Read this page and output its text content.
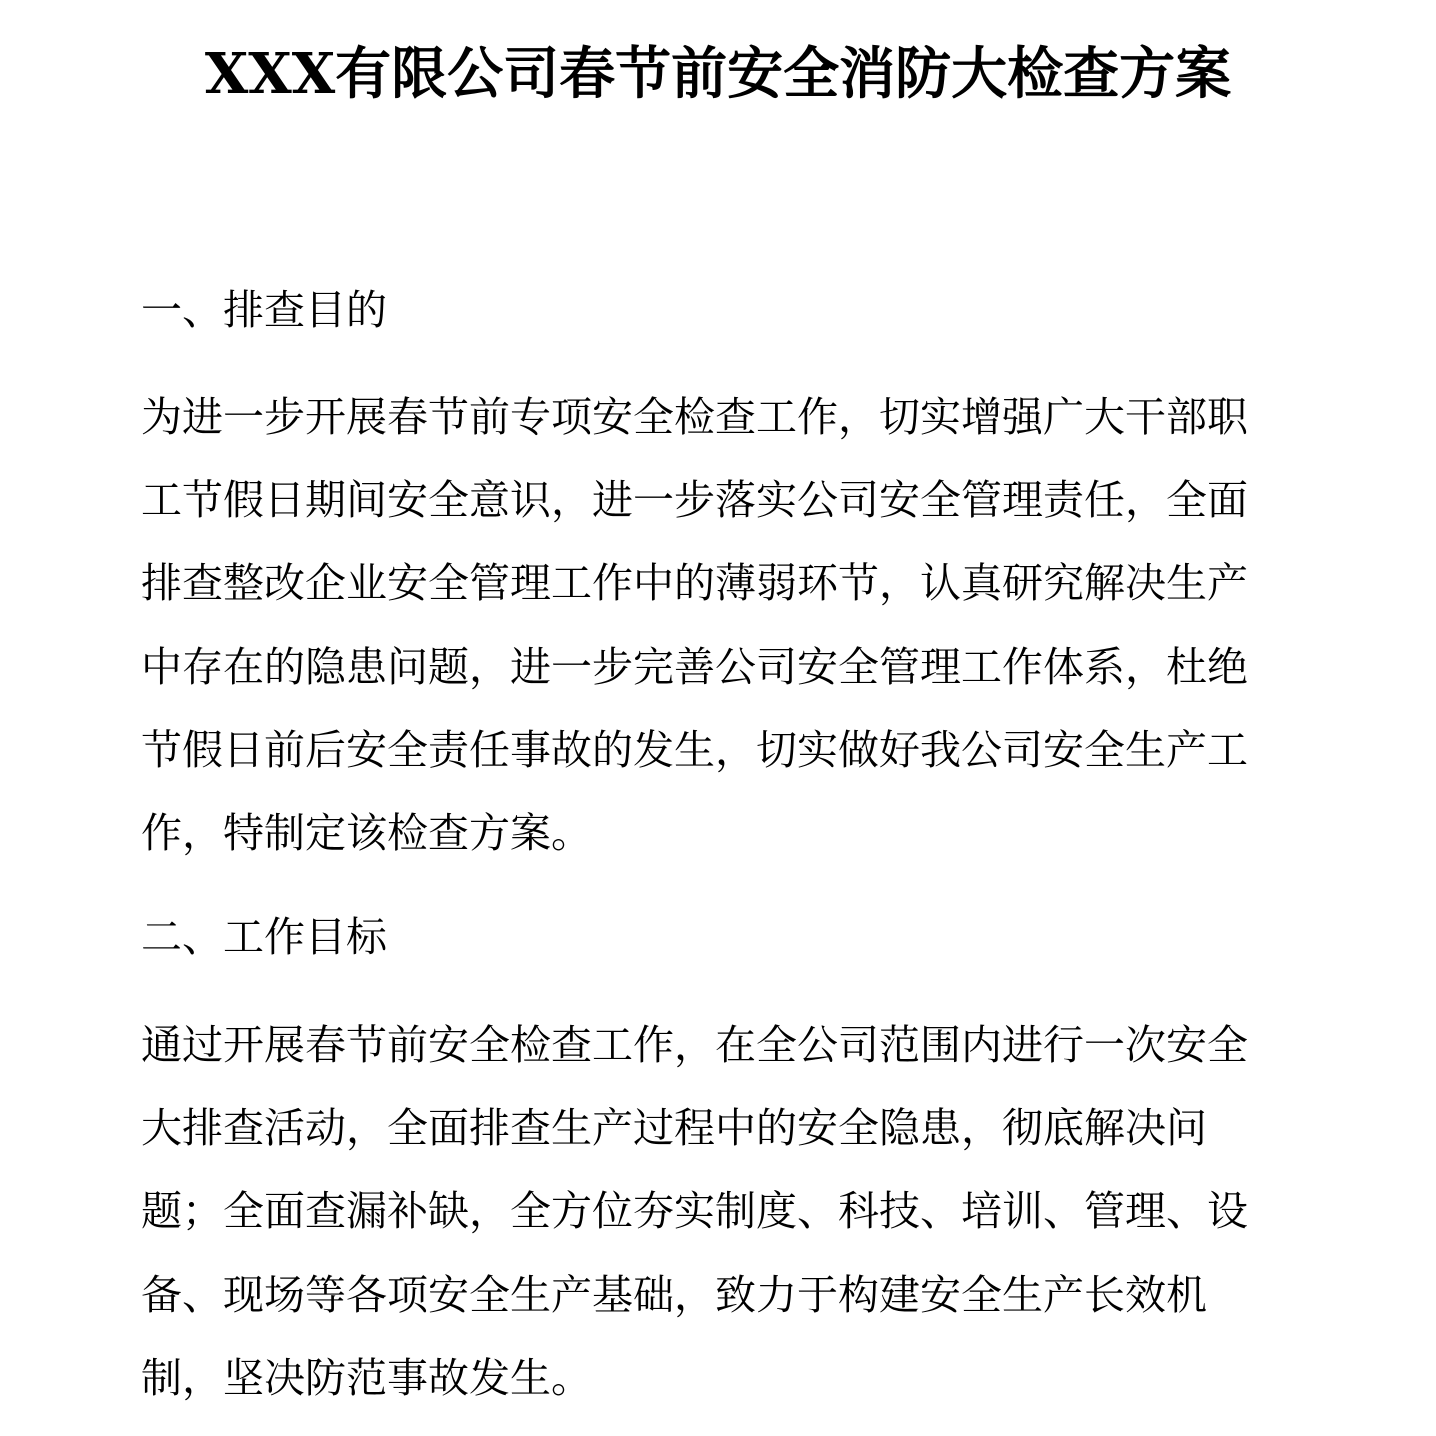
XXX有限公司春节前安全消防大检查方案
一、排查目的
为进一步开展春节前专项安全检查工作，切实增强广大干部职
工节假日期间安全意识，进一步落实公司安全管理责任，全面
排查整改企业安全管理工作中的薄弱环节，认真研究解决生产
中存在的隐患问题，进一步完善公司安全管理工作体系，杜绝
节假日前后安全责任事故的发生，切实做好我公司安全生产工
作，特制定该检查方案。
二、工作目标
通过开展春节前安全检查工作，在全公司范围内进行一次安全
大排查活动，全面排查生产过程中的安全隐患，彻底解决问
题；全面查漏补缺，全方位夯实制度、科技、培训、管理、设
备、现场等各项安全生产基础，致力于构建安全生产长效机
制，坚决防范事故发生。
